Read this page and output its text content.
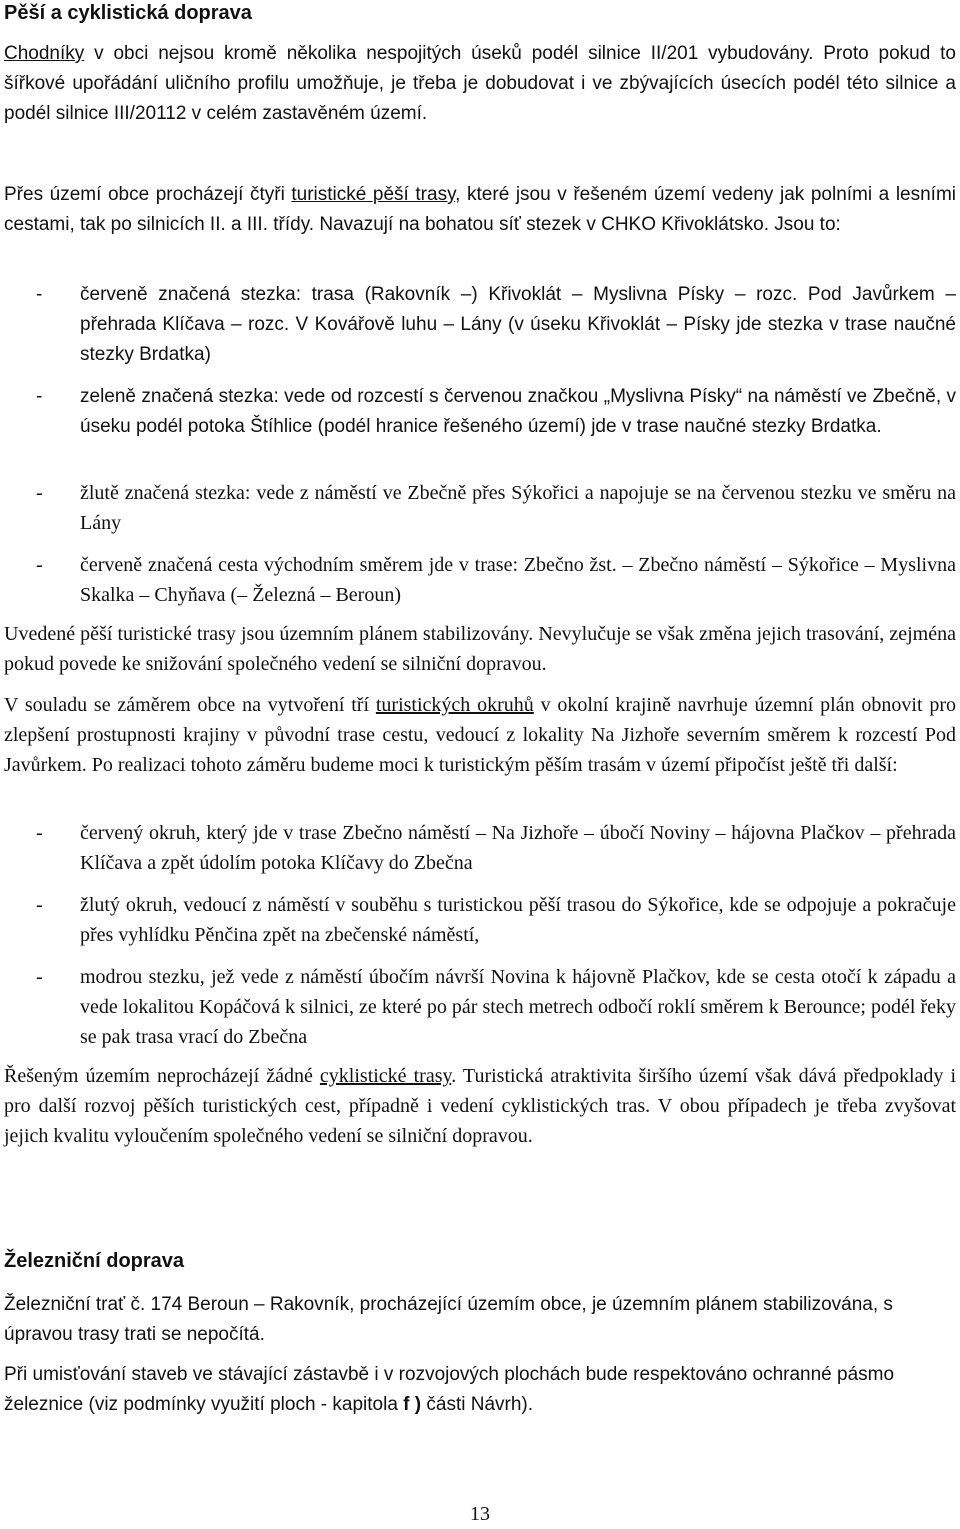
Pěší a cyklistická doprava

Chodníky v obci nejsou kromě několika nespojitých úseků podél silnice II/201 vybudovány. Proto pokud to šířkové upořádání uličního profilu umožňuje, je třeba je dobudovat i ve zbývajících úsecích podél této silnice a podél silnice III/20112 v celém zastavěném území.

Přes území obce procházejí čtyři turistické pěší trasy, které jsou v řešeném území vedeny jak polními a lesními cestami, tak po silnicích II. a III. třídy. Navazují na bohatou síť stezek v CHKO Křivoklátsko. Jsou to:

- červeně značená stezka: trasa (Rakovník –) Křivoklát – Myslivna Písky – rozc. Pod Javůrkem – přehrada Klíčava – rozc. V Kovářově luhu – Lány (v úseku Křivoklát – Písky jde stezka v trase naučné stezky Brdatka)
- zeleně značená stezka: vede od rozcestí s červenou značkou „Myslivna Písky“ na náměstí ve Zbečně, v úseku podél potoka Štíhlice (podél hranice řešeného území) jde v trase naučné stezky Brdatka.
- žlutě značená stezka: vede z náměstí ve Zbečně přes Sýkořici a napojuje se na červenou stezku ve směru na Lány
- červeně značená cesta východním směrem jde v trase: Zbečno žst. – Zbečno náměstí – Sýkořice – Myslivna Skalka – Chyňava (– Železná – Beroun)

Uvedené pěší turistické trasy jsou územním plánem stabilizovány. Nevylučuje se však změna jejich trasování, zejména pokud povede ke snižování společného vedení se silniční dopravou.

V souladu se záměrem obce na vytvoření tří turistických okruhů v okolní krajině navrhuje územní plán obnovit pro zlepšení prostupnosti krajiny v původní trase cestu, vedoucí z lokality Na Jizhoře severním směrem k rozcestí Pod Javůrkem. Po realizaci tohoto záměru budeme moci k turistickým pěším trasám v území připočíst ještě tři další:

- červený okruh, který jde v trase Zbečno náměstí – Na Jizhoře – úbočí Noviny – hájovna Plačkov – přehrada Klíčava a zpět údolím potoka Klíčavy do Zbečna
- žlutý okruh, vedoucí z náměstí v souběhu s turistickou pěší trasou do Sýkořice, kde se odpojuje a pokračuje přes vyhlídku Pěnčina zpět na zbečenské náměstí,
- modrou stezku, jež vede z náměstí úbočím návrší Novina k hájovně Plačkov, kde se cesta otočí k západu a vede lokalitou Kopáčová k silnici, ze které po pár stech metrech odbočí roklí směrem k Berounce; podél řeky se pak trasa vrací do Zbečna

Řešeným územím neprocházejí žádné cyklistické trasy. Turistická atraktivita širšího území však dává předpoklady i pro další rozvoj pěších turistických cest, případně i vedení cyklistických tras. V obou případech je třeba zvyšovat jejich kvalitu vyloučením společného vedení se silniční dopravou.

Železniční doprava

Železniční trať č. 174 Beroun – Rakovník, procházející územím obce, je územním plánem stabilizována, s úpravou trasy trati se nepočítá.

Při umisťování staveb ve stávající zástavbě i v rozvojových plochách bude respektováno ochranné pásmo železnice (viz podmínky využití ploch - kapitola f ) části Návrh).

13
